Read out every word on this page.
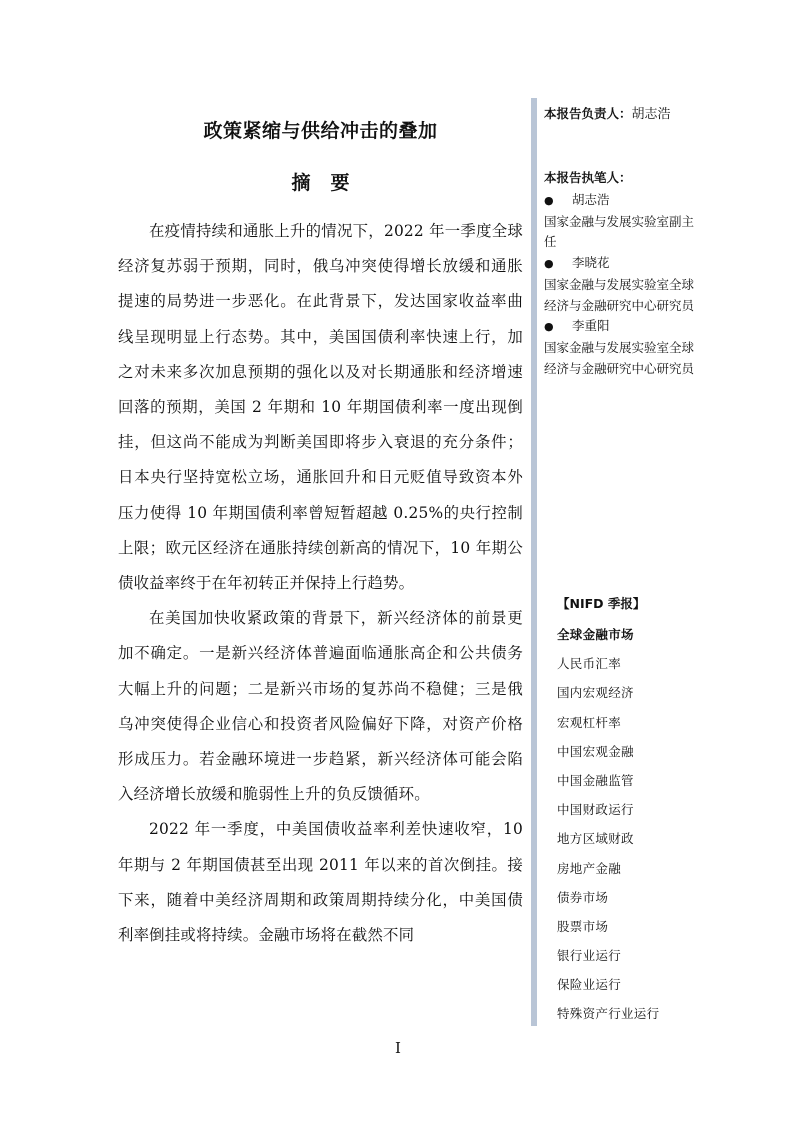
政策紧缩与供给冲击的叠加
摘要

在疫情持续和通胀上升的情况下，2022 年一季度全球经济复苏弱于预期，同时，俄乌冲突使得增长放缓和通胀提速的局势进一步恶化。在此背景下，发达国家收益率曲线呈现明显上行态势。其中，美国国债利率快速上行，加之对未来多次加息预期的强化以及对长期通胀和经济增速回落的预期，美国 2 年期和 10 年期国债利率一度出现倒挂，但这尚不能成为判断美国即将步入衰退的充分条件；日本央行坚持宽松立场，通胀回升和日元贬值导致资本外压力使得 10 年期国债利率曾短暂超越 0.25%的央行控制上限；欧元区经济在通胀持续创新高的情况下，10 年期公债收益率终于在年初转正并保持上行趋势。

在美国加快收紧政策的背景下，新兴经济体的前景更加不确定。一是新兴经济体普遍面临通胀高企和公共债务大幅上升的问题；二是新兴市场的复苏尚不稳健；三是俄乌冲突使得企业信心和投资者风险偏好下降，对资产价格形成压力。若金融环境进一步趋紧，新兴经济体可能会陷入经济增长放缓和脆弱性上升的负反馈循环。

2022 年一季度，中美国债收益率利差快速收窄，10 年期与 2 年期国债甚至出现 2011 年以来的首次倒挂。接下来，随着中美经济周期和政策周期持续分化，中美国债利率倒挂或将持续。金融市场将在截然不同

I
本报告负责人：胡志浩
本报告执笔人：
● 胡志浩
国家金融与发展实验室副主任
● 李晓花
国家金融与发展实验室全球经济与金融研究中心研究员
● 李重阳
国家金融与发展实验室全球经济与金融研究中心研究员
【NIFD 季报】
全球金融市场
人民币汇率
国内宏观经济
宏观杠杆率
中国宏观金融
中国金融监管
中国财政运行
地方区域财政
房地产金融
债券市场
股票市场
银行业运行
保险业运行
特殊资产行业运行
